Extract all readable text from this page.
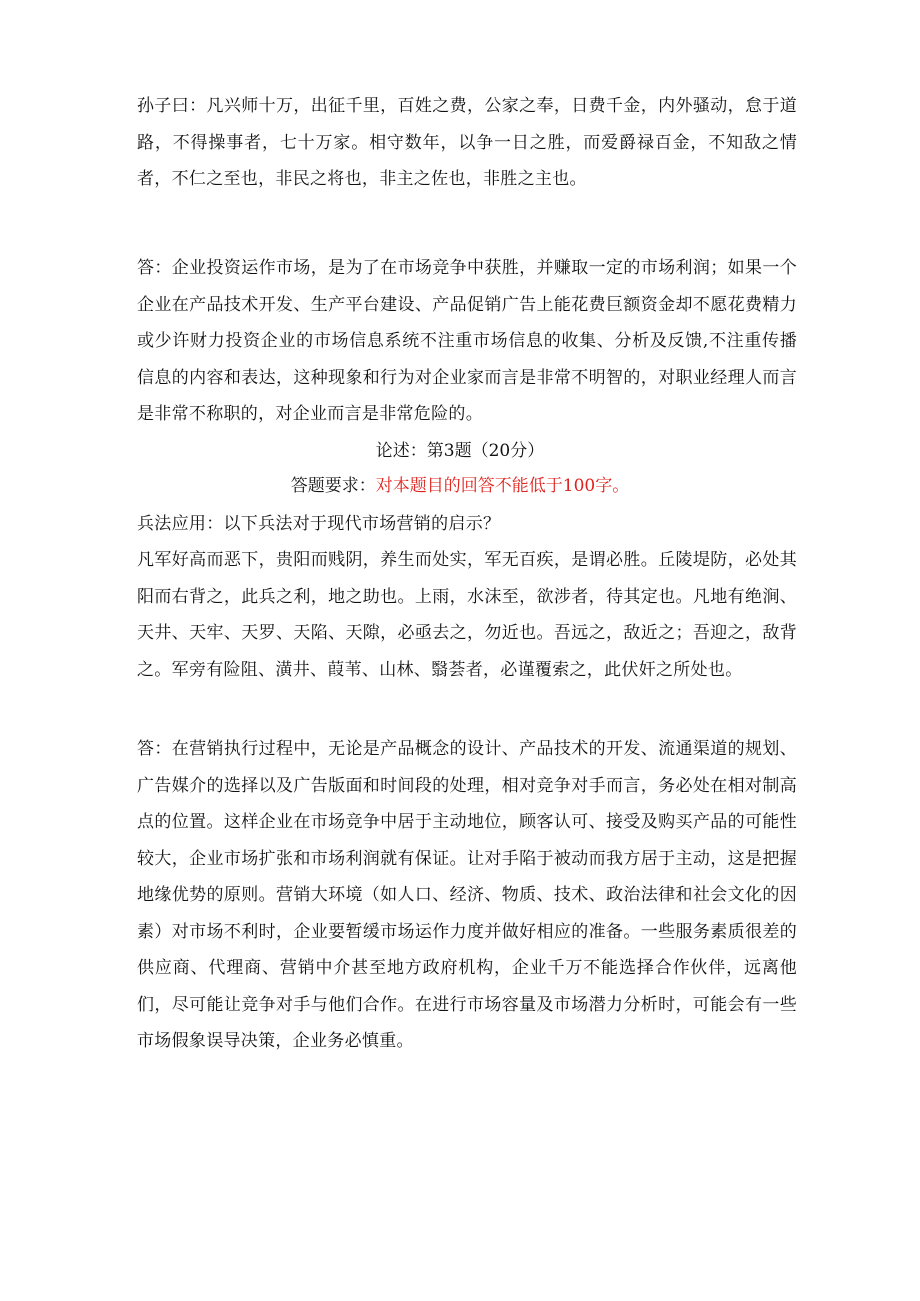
孙子曰：凡兴师十万，出征千里，百姓之费，公家之奉，日费千金，内外骚动，怠于道路，不得操事者，七十万家。相守数年，以争一日之胜，而爱爵禄百金，不知敌之情者，不仁之至也，非民之将也，非主之佐也，非胜之主也。

答：企业投资运作市场，是为了在市场竞争中获胜，并赚取一定的市场利润；如果一个企业在产品技术开发、生产平台建设、产品促销广告上能花费巨额资金却不愿花费精力或少许财力投资企业的市场信息系统不注重市场信息的收集、分析及反馈,不注重传播信息的内容和表达，这种现象和行为对企业家而言是非常不明智的，对职业经理人而言是非常不称职的，对企业而言是非常危险的。

论述：第3题（20分）
答题要求：对本题目的回答不能低于100字。

兵法应用：以下兵法对于现代市场营销的启示？

凡军好高而恶下，贵阳而贱阴，养生而处实，军无百疾，是谓必胜。丘陵堤防，必处其阳而右背之，此兵之利，地之助也。上雨，水沫至，欲涉者，待其定也。凡地有绝涧、天井、天牢、天罗、天陷、天隙，必亟去之，勿近也。吾远之，敌近之；吾迎之，敌背之。军旁有险阻、潢井、葭苇、山林、翳荟者，必谨覆索之，此伏奸之所处也。

答：在营销执行过程中，无论是产品概念的设计、产品技术的开发、流通渠道的规划、广告媒介的选择以及广告版面和时间段的处理，相对竞争对手而言，务必处在相对制高点的位置。这样企业在市场竞争中居于主动地位，顾客认可、接受及购买产品的可能性较大，企业市场扩张和市场利润就有保证。让对手陷于被动而我方居于主动，这是把握地缘优势的原则。营销大环境（如人口、经济、物质、技术、政治法律和社会文化的因素）对市场不利时，企业要暂缓市场运作力度并做好相应的准备。一些服务素质很差的供应商、代理商、营销中介甚至地方政府机构，企业千万不能选择合作伙伴，远离他们，尽可能让竞争对手与他们合作。在进行市场容量及市场潜力分析时，可能会有一些市场假象误导决策，企业务必慎重。
